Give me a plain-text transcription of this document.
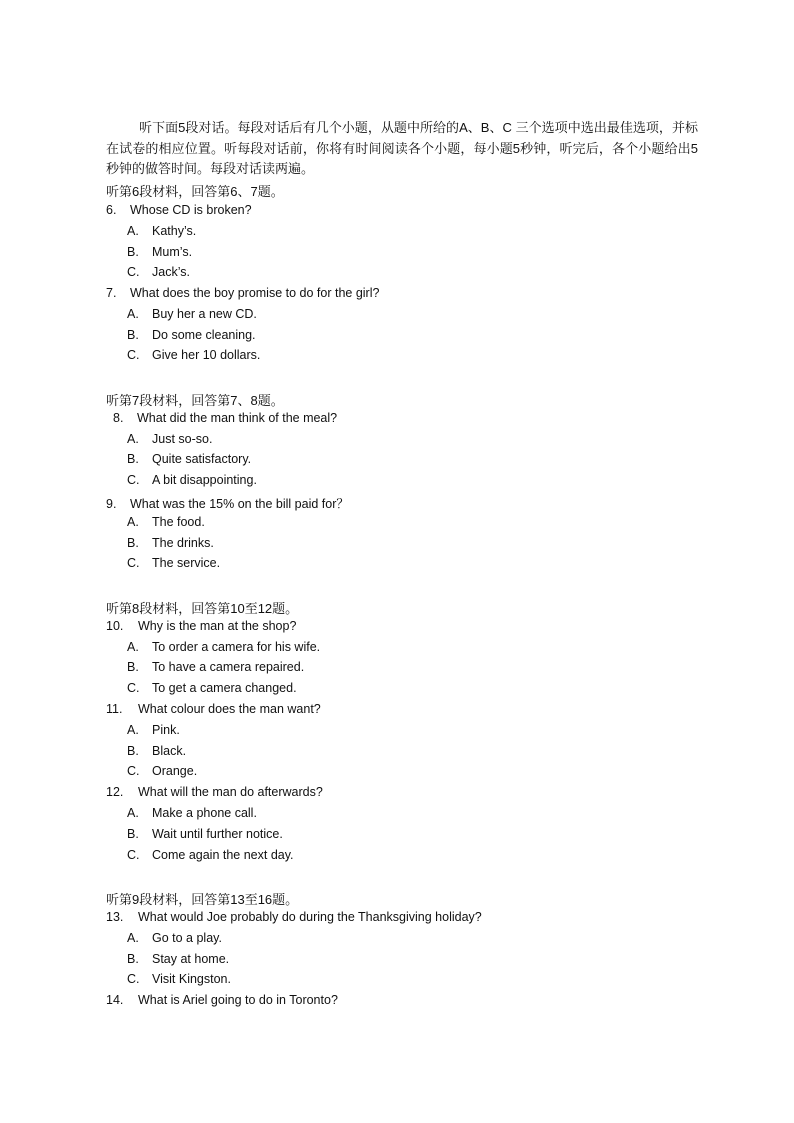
听下面5段对话。每段对话后有几个小题，从题中所给的A、B、C 三个选项中选出最佳选项，并标在试卷的相应位置。听每段对话前，你将有时间阅读各个小题，每小题5秒钟，听完后，各个小题给出5秒钟的做答时间。每段对话读两遍。

听第6段材料，回答第6、7题。

6. Whose CD is broken?

A. Kathy’s.

B. Mum’s.

C. Jack’s.

7. What does the boy promise to do for the girl?

A. Buy her a new CD.

B. Do some cleaning.

C. Give her 10 dollars.

听第7段材料，回答第7、8题。

8. What did the man think of the meal?

A. Just so-so.

B. Quite satisfactory.

C. A bit disappointing.

9. What was the 15% on the bill paid for？

A. The food.

B. The drinks.

C. The service.

听第8段材料，回答第10至12题。

10. Why is the man at the shop?

A. To order a camera for his wife.

B. To have a camera repaired.

C. To get a camera changed.

11. What colour does the man want?

A. Pink.

B. Black.

C. Orange.

12. What will the man do afterwards?

A. Make a phone call.

B. Wait until further notice.

C. Come again the next day.

听第9段材料，回答第13至16题。

13. What would Joe probably do during the Thanksgiving holiday?

A. Go to a play.

B. Stay at home.

C. Visit Kingston.

14. What is Ariel going to do in Toronto?
